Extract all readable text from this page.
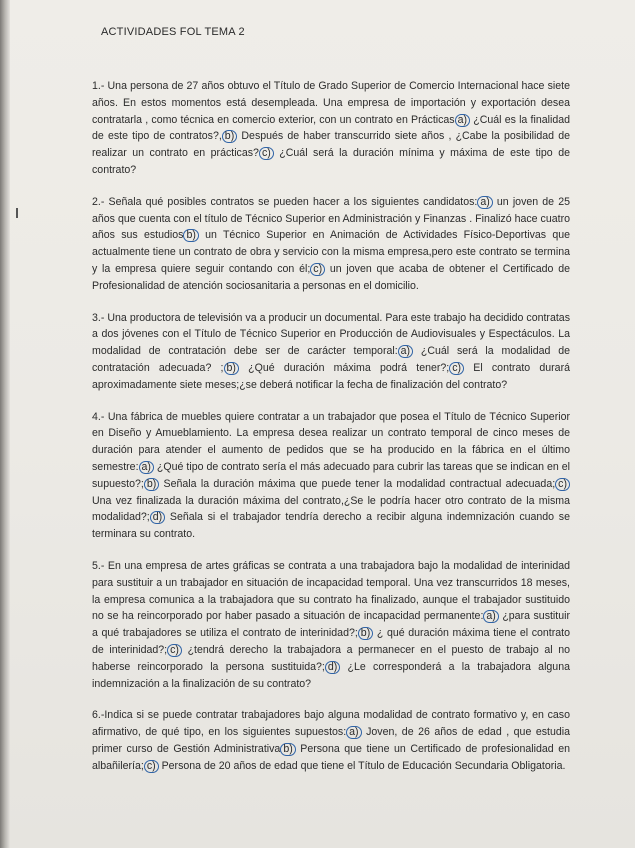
ACTIVIDADES FOL TEMA 2

1.- Una persona de 27 años obtuvo el Título de Grado Superior de Comercio Internacional hace siete años. En estos momentos está desempleada. Una empresa de importación y exportación desea contratarla , como técnica en comercio exterior, con un contrato en Prácticas a) ¿Cuál es la finalidad de este tipo de contratos?, b) Después de haber transcurrido siete años , ¿Cabe la posibilidad de realizar un contrato en prácticas? c) ¿Cuál será la duración mínima y máxima de este tipo de contrato?

2.- Señala qué posibles contratos se pueden hacer a los siguientes candidatos: a) un joven de 25 años que cuenta con el título de Técnico Superior en Administración y Finanzas . Finalizó hace cuatro años sus estudios b) un Técnico Superior en Animación de Actividades Físico-Deportivas que actualmente tiene un contrato de obra y servicio con la misma empresa,pero este contrato se termina y la empresa quiere seguir contando con él; c) un joven que acaba de obtener el Certificado de Profesionalidad de atención sociosanitaria a personas en el domicilio.

3.- Una productora de televisión va a producir un documental. Para este trabajo ha decidido contratas a dos jóvenes con el Título de Técnico Superior en Producción de Audiovisuales y Espectáculos. La modalidad de contratación debe ser de carácter temporal: a) ¿Cuál será la modalidad de contratación adecuada? ; b) ¿Qué duración máxima podrá tener?; c) El contrato durará aproximadamente siete meses;¿se deberá notificar la fecha de finalización del contrato?

4.- Una fábrica de muebles quiere contratar a un trabajador que posea el Título de Técnico Superior en Diseño y Amueblamiento. La empresa desea realizar un contrato temporal de cinco meses de duración para atender el aumento de pedidos que se ha producido en la fábrica en el último semestre: a) ¿Qué tipo de contrato sería el más adecuado para cubrir las tareas que se indican en el supuesto?; b) Señala la duración máxima que puede tener la modalidad contractual adecuada; c) Una vez finalizada la duración máxima del contrato,¿Se le podría hacer otro contrato de la misma modalidad?; d) Señala si el trabajador tendría derecho a recibir alguna indemnización cuando se terminara su contrato.

5.- En una empresa de artes gráficas se contrata a una trabajadora bajo la modalidad de interinidad para sustituir a un trabajador en situación de incapacidad temporal. Una vez transcurridos 18 meses, la empresa comunica a la trabajadora que su contrato ha finalizado, aunque el trabajador sustituido no se ha reincorporado por haber pasado a situación de incapacidad permanente: a) ¿para sustituir a qué trabajadores se utiliza el contrato de interinidad?; b) ¿ qué duración máxima tiene el contrato de interinidad?; c) ¿tendrá derecho la trabajadora a permanecer en el puesto de trabajo al no haberse reincorporado la persona sustituida?; d) ¿Le corresponderá a la trabajadora alguna indemnización a la finalización de su contrato?

6.-Indica si se puede contratar trabajadores bajo alguna modalidad de contrato formativo y, en caso afirmativo, de qué tipo, en los siguientes supuestos: a) Joven, de 26 años de edad , que estudia primer curso de Gestión Administrativa b) Persona que tiene un Certificado de profesionalidad en albañilería; c) Persona de 20 años de edad que tiene el Título de Educación Secundaria Obligatoria.
